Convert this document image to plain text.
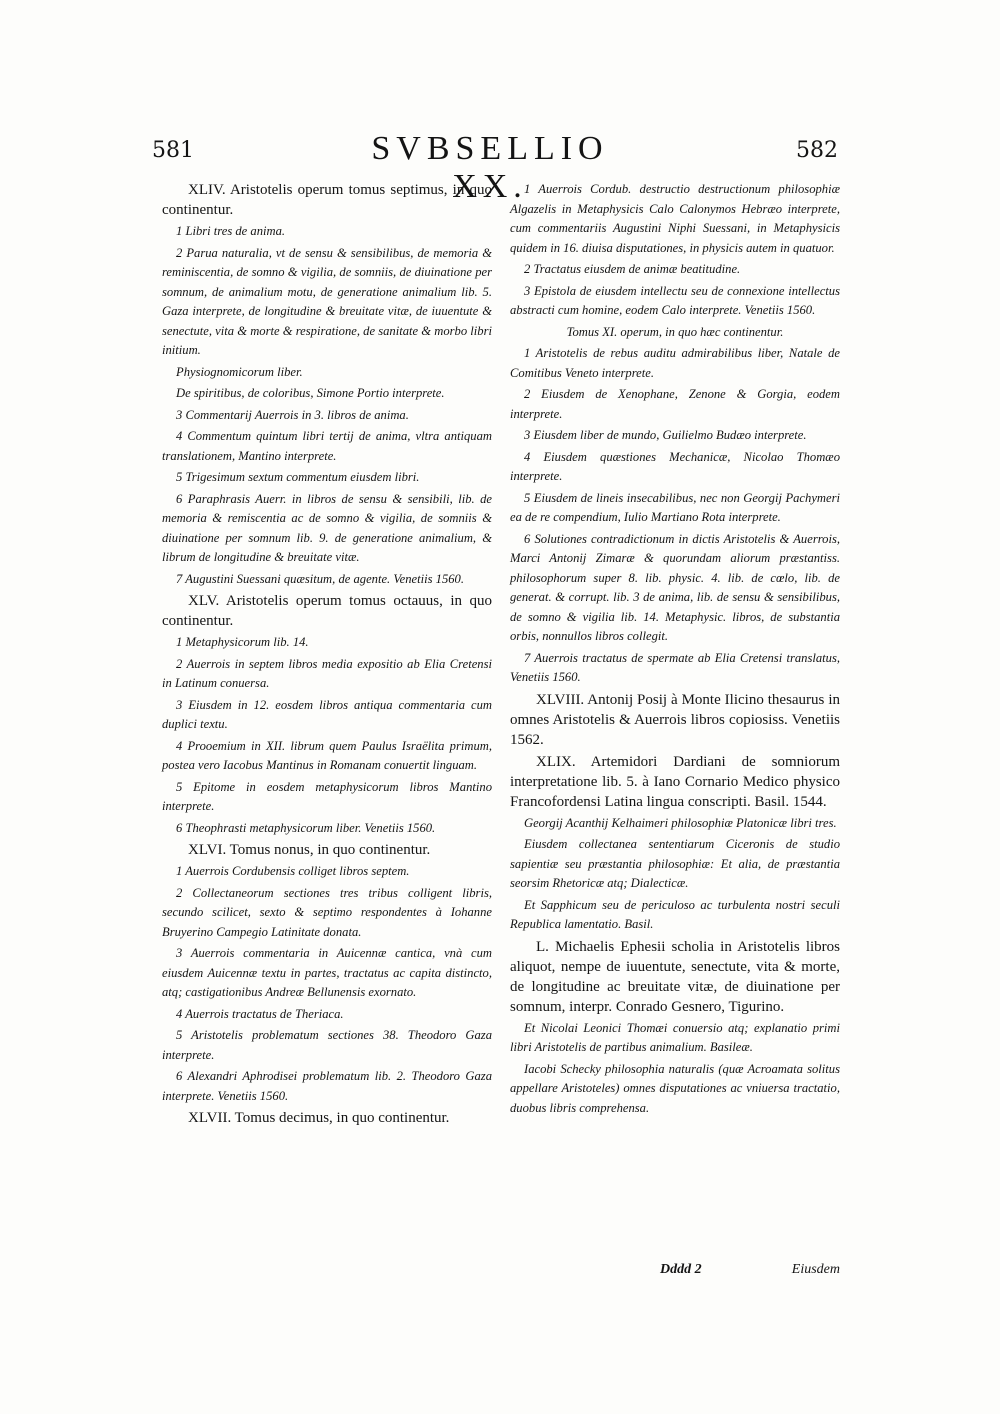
581	SVBSELLIO XX.
582

XLIV. Aristotelis operum tomus septimus, in quo continentur.

1 Libri tres de anima.

2 Parua naturalia, vt de sensu & sensibilibus, de memoria & reminiscentia, de somno & vigilia, de somniis, de diuinatione per somnum, de animalium motu, de generatione animalium lib. 5. Gaza interprete, de longitudine & breuitate vitæ, de iuuentute & senectute, vita & morte & respiratione, de sanitate & morbo libri initium.

Physiognomicorum liber.

De spiritibus, de coloribus, Simone Portio interprete.

3 Commentarij Auerrois in 3. libros de anima.

4 Commentum quintum libri tertij de anima, vltra antiquam translationem, Mantino interprete.

5 Trigesimum sextum commentum eiusdem libri.

6 Paraphrasis Auerr. in libros de sensu & sensibili, lib. de memoria & remiscentia ac de somno & vigilia, de somniis & diuinatione per somnum lib. 9. de generatione animalium, & librum de longitudine & breuitate vitæ.

7 Augustini Suessani quæsitum, de agente. Venetiis 1560.

XLV. Aristotelis operum tomus octauus, in quo continentur.

1 Metaphysicorum lib. 14.

2 Auerrois in septem libros media expositio ab Elia Cretensi in Latinum conuersa.

3 Eiusdem in 12. eosdem libros antiqua commentaria cum duplici textu.

4 Prooemium in XII. librum quem Paulus Israëlita primum, postea vero Iacobus Mantinus in Romanam conuertit linguam.

5 Epitome in eosdem metaphysicorum libros Mantino interprete.

6 Theophrasti metaphysicorum liber. Venetiis 1560.

XLVI. Tomus nonus, in quo continentur.

1 Auerrois Cordubensis colliget libros septem.

2 Collectaneorum sectiones tres tribus colligent libris, secundo scilicet, sexto & septimo respondentes à Iohanne Bruyerino Campegio Latinitate donata.

3 Auerrois commentaria in Auicennæ cantica, vnà cum eiusdem Auicennæ textu in partes, tractatus ac capita distincto, atq; castigationibus Andreæ Bellunensis exornato.

4 Auerrois tractatus de Theriaca.

5 Aristotelis problematum sectiones 38. Theodoro Gaza interprete.

6 Alexandri Aphrodisei problematum lib. 2. Theodoro Gaza interprete. Venetiis 1560.

XLVII. Tomus decimus, in quo continentur.

1 Auerrois Cordub. destructio destructionum philosophiæ Algazelis in Metaphysicis Calo Calonymos Hebræo interprete, cum commentariis Augustini Niphi Suessani, in Metaphysicis quidem in 16. diuisa disputationes, in physicis autem in quatuor.

2 Tractatus eiusdem de animæ beatitudine.

3 Epistola de eiusdem intellectu seu de connexione intellectus abstracti cum homine, eodem Calo interprete. Venetiis 1560.

Tomus XI. operum, in quo hæc continentur.

1 Aristotelis de rebus auditu admirabilibus liber, Natale de Comitibus Veneto interprete.

2 Eiusdem de Xenophane, Zenone & Gorgia, eodem interprete.

3 Eiusdem liber de mundo, Guilielmo Budæo interprete.

4 Eiusdem quæstiones Mechanicæ, Nicolao Thomæo interprete.

5 Eiusdem de lineis insecabilibus, nec non Georgij Pachymeri ea de re compendium, Iulio Martiano Rota interprete.

6 Solutiones contradictionum in dictis Aristotelis & Auerrois, Marci Antonij Zimaræ & quorundam aliorum præstantiss. philosophorum super 8. lib. physic. 4. lib. de cœlo, lib. de generat. & corrupt. lib. 3 de anima, lib. de sensu & sensibilibus, de somno & vigilia lib. 14. Metaphysic. libros, de substantia orbis, nonnullos libros collegit.

7 Auerrois tractatus de spermate ab Elia Cretensi translatus, Venetiis 1560.

XLVIII. Antonij Posij à Monte Ilicino thesaurus in omnes Aristotelis & Auerrois libros copiosiss. Venetiis 1562.

XLIX. Artemidori Dardiani de somniorum interpretatione lib. 5. à Iano Cornario Medico physico Francofordensi Latina lingua conscripti. Basil. 1544.

Georgij Acanthij Kelhaimeri philosophiæ Platonicæ libri tres.

Eiusdem collectanea sententiarum Ciceronis de studio sapientiæ seu præstantia philosophiæ: Et alia, de præstantia seorsim Rhetoricæ atq; Dialecticæ.

Et Sapphicum seu de periculoso ac turbulenta nostri seculi Republica lamentatio. Basil.

L. Michaelis Ephesii scholia in Aristotelis libros aliquot, nempe de iuuentute, senectute, vita & morte, de longitudine ac breuitate vitæ, de diuinatione per somnum, interpr. Conrado Gesnero, Tigurino.

Et Nicolai Leonici Thomæi conuersio atq; explanatio primi libri Aristotelis de partibus animalium. Basileæ.

Iacobi Schecky philosophia naturalis (quæ Acroamata solitus appellare Aristoteles) omnes disputationes ac vniuersa tractatio, duobus libris comprehensa.

Dddd 2	Eiusdem
